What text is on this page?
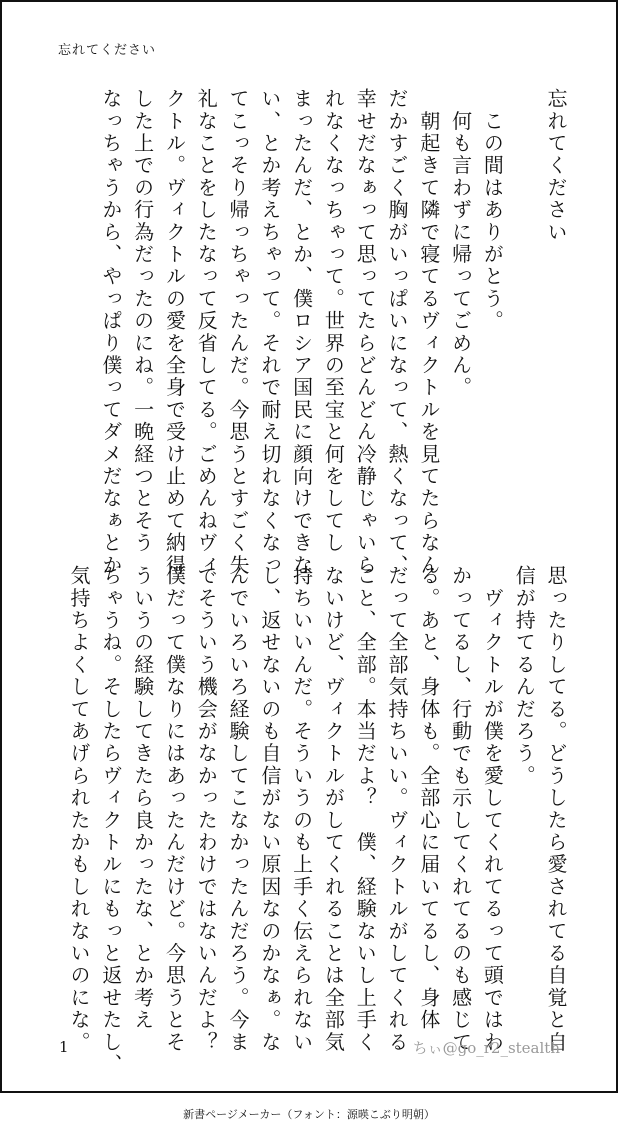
忘れてください

忘れてください

　この間はありがとう。

　何も言わずに帰ってごめん。

　朝起きて隣で寝てるヴィクトルを見てたらなん

だかすごく胸がいっぱいになって、熱くなって、

幸せだなぁって思ってたらどんどん冷静じゃいら

れなくなっちゃって。世界の至宝と何をしてし

まったんだ、とか、僕ロシア国民に顔向けできな

い、とか考えちゃって。それで耐え切れなくなっ

てこっそり帰っちゃったんだ。今思うとすごく失

礼なことをしたなって反省してる。ごめんねヴィ

クトル。ヴィクトルの愛を全身で受け止めて納得

した上での行為だったのにね。一晩経つとそう

なっちゃうから、やっぱり僕ってダメだなぁとか

思ったりしてる。どうしたら愛されてる自覚と自

信が持てるんだろう。

　ヴィクトルが僕を愛してくれてるって頭ではわ

かってるし、行動でも示してくれてるのも感じて

る。あと、身体も。全部心に届いてるし、身体

だって全部気持ちいい。ヴィクトルがしてくれる

こと、全部。本当だよ？　僕、経験ないし上手く

ないけど、ヴィクトルがしてくれることは全部気

持ちいいんだ。そういうのも上手く伝えられない

し、返せないのも自信がない原因なのかなぁ。な

んでいろいろ経験してこなかったんだろう。今ま

でそういう機会がなかったわけではないんだよ？

僕だって僕なりにはあったんだけど。今思うとそ

ういうの経験してきたら良かったな、とか考え

ちゃうね。そしたらヴィクトルにもっと返せたし、

気持ちよくしてあげられたかもしれないのにな。

1	ちぃ@go_r2_stealth
新書ページメーカー（フォント：源暎こぶり明朝）
